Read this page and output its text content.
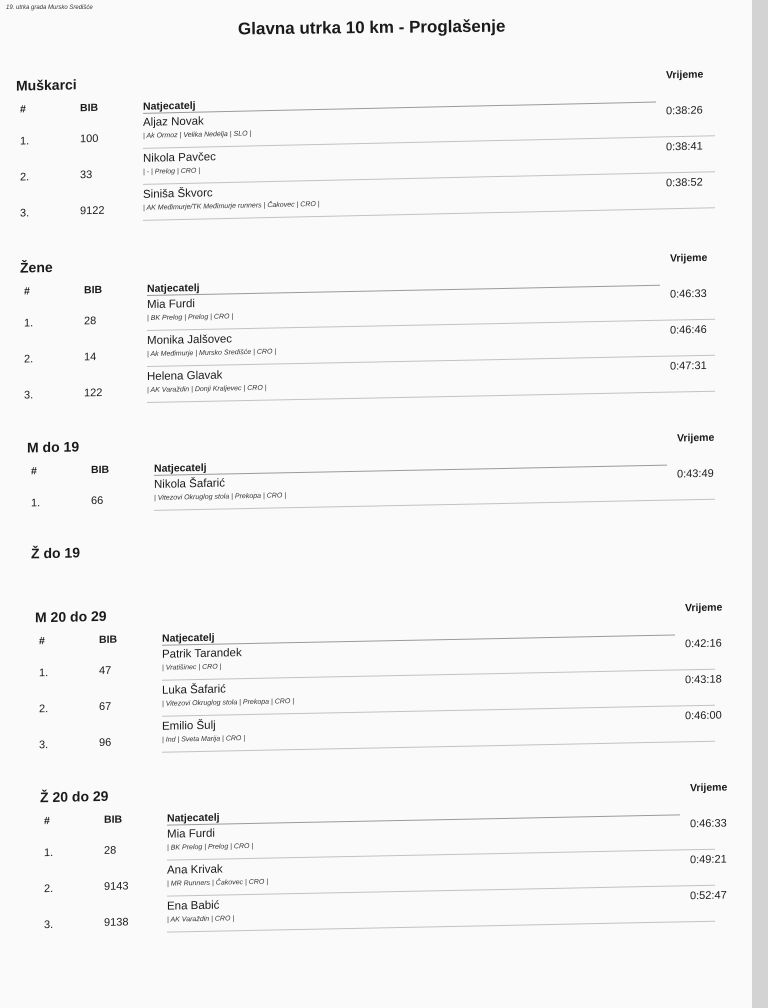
19. utrka grada Mursko Središće
Glavna utrka 10 km - Proglašenje
Muškarci
#	BIB	Natjecatelj
Vrijeme
1.	100
Aljaz Novak
| Ak Ormoz | Velika Nedelja | SLO |
0:38:26
2.	33
Nikola Pavčec
| - | Prelog | CRO |
0:38:41
3.	9122
Siniša Škvorc
| AK Međimurje/TK Međimurje runners | Čakovec | CRO |
0:38:52
Žene
#	BIB	Natjecatelj
Vrijeme
1.	28
Mia Furdi
| BK Prelog | Prelog | CRO |
0:46:33
2.	14
Monika Jalšovec
| Ak Međimurje | Mursko Središće | CRO |
0:46:46
3.	122
Helena Glavak
| AK Varaždin | Donji Kraljevec | CRO |
0:47:31
M do 19
#	BIB	Natjecatelj
Vrijeme
1.	66
Nikola Šafarić
| Vitezovi Okruglog stola | Prekopa | CRO |
0:43:49
Ž do 19
M 20 do 29
#	BIB	Natjecatelj
Vrijeme
1.	47
Patrik Tarandek
| Vratišinec | CRO |
0:42:16
2.	67
Luka Šafarić
| Vitezovi Okruglog stola | Prekopa | CRO |
0:43:18
3.	96
Emilio Šulj
| Ind | Sveta Marija | CRO |
0:46:00
Ž 20 do 29
#	BIB	Natjecatelj
Vrijeme
1.	28
Mia Furdi
| BK Prelog | Prelog | CRO |
0:46:33
2.	9143
Ana Krivak
| MR Runners | Čakovec | CRO |
0:49:21
3.	9138
Ena Babić
| AK Varaždin | CRO |
0:52:47
